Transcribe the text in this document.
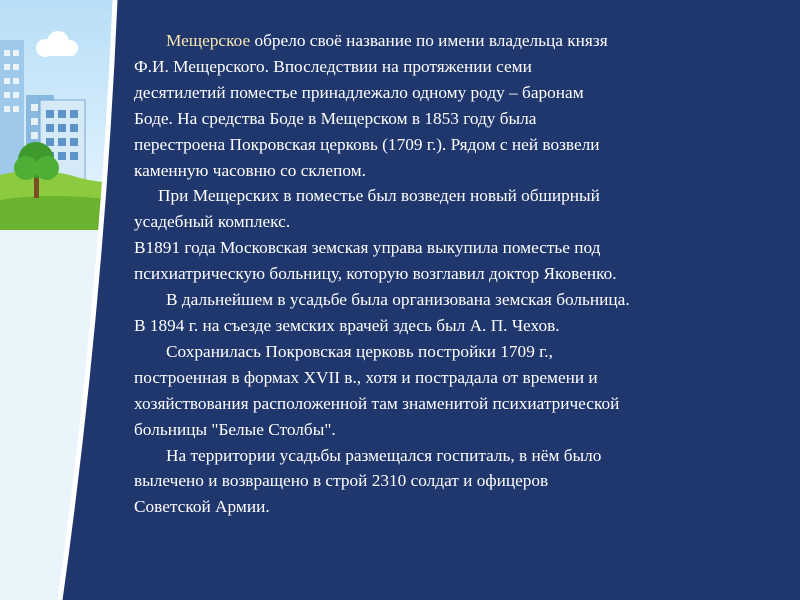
Мещерское обрело своё название по имени владельца князя

Ф.И. Мещерского. Впоследствии на протяжении семи

десятилетий поместье принадлежало одному роду – баронам

Боде. На средства Боде в Мещерском в 1853 году была

перестроена Покровская церковь (1709 г.). Рядом с ней возвели

каменную часовню со склепом.

При Мещерских в поместье был возведен новый обширный

усадебный комплекс.

В1891 года Московская земская управа выкупила поместье под

психиатрическую больницу, которую возглавил доктор Яковенко.

В дальнейшем в усадьбе была организована земская больница.

В 1894 г. на съезде земских врачей здесь был А. П. Чехов.

Сохранилась Покровская церковь постройки 1709 г.,

построенная в формах XVII в., хотя и пострадала от времени и

хозяйствования расположенной там знаменитой психиатрической

больницы "Белые Столбы".

На территории усадьбы размещался госпиталь, в нём было

вылечено и возвращено в строй 2310 солдат и офицеров

Советской Армии.
